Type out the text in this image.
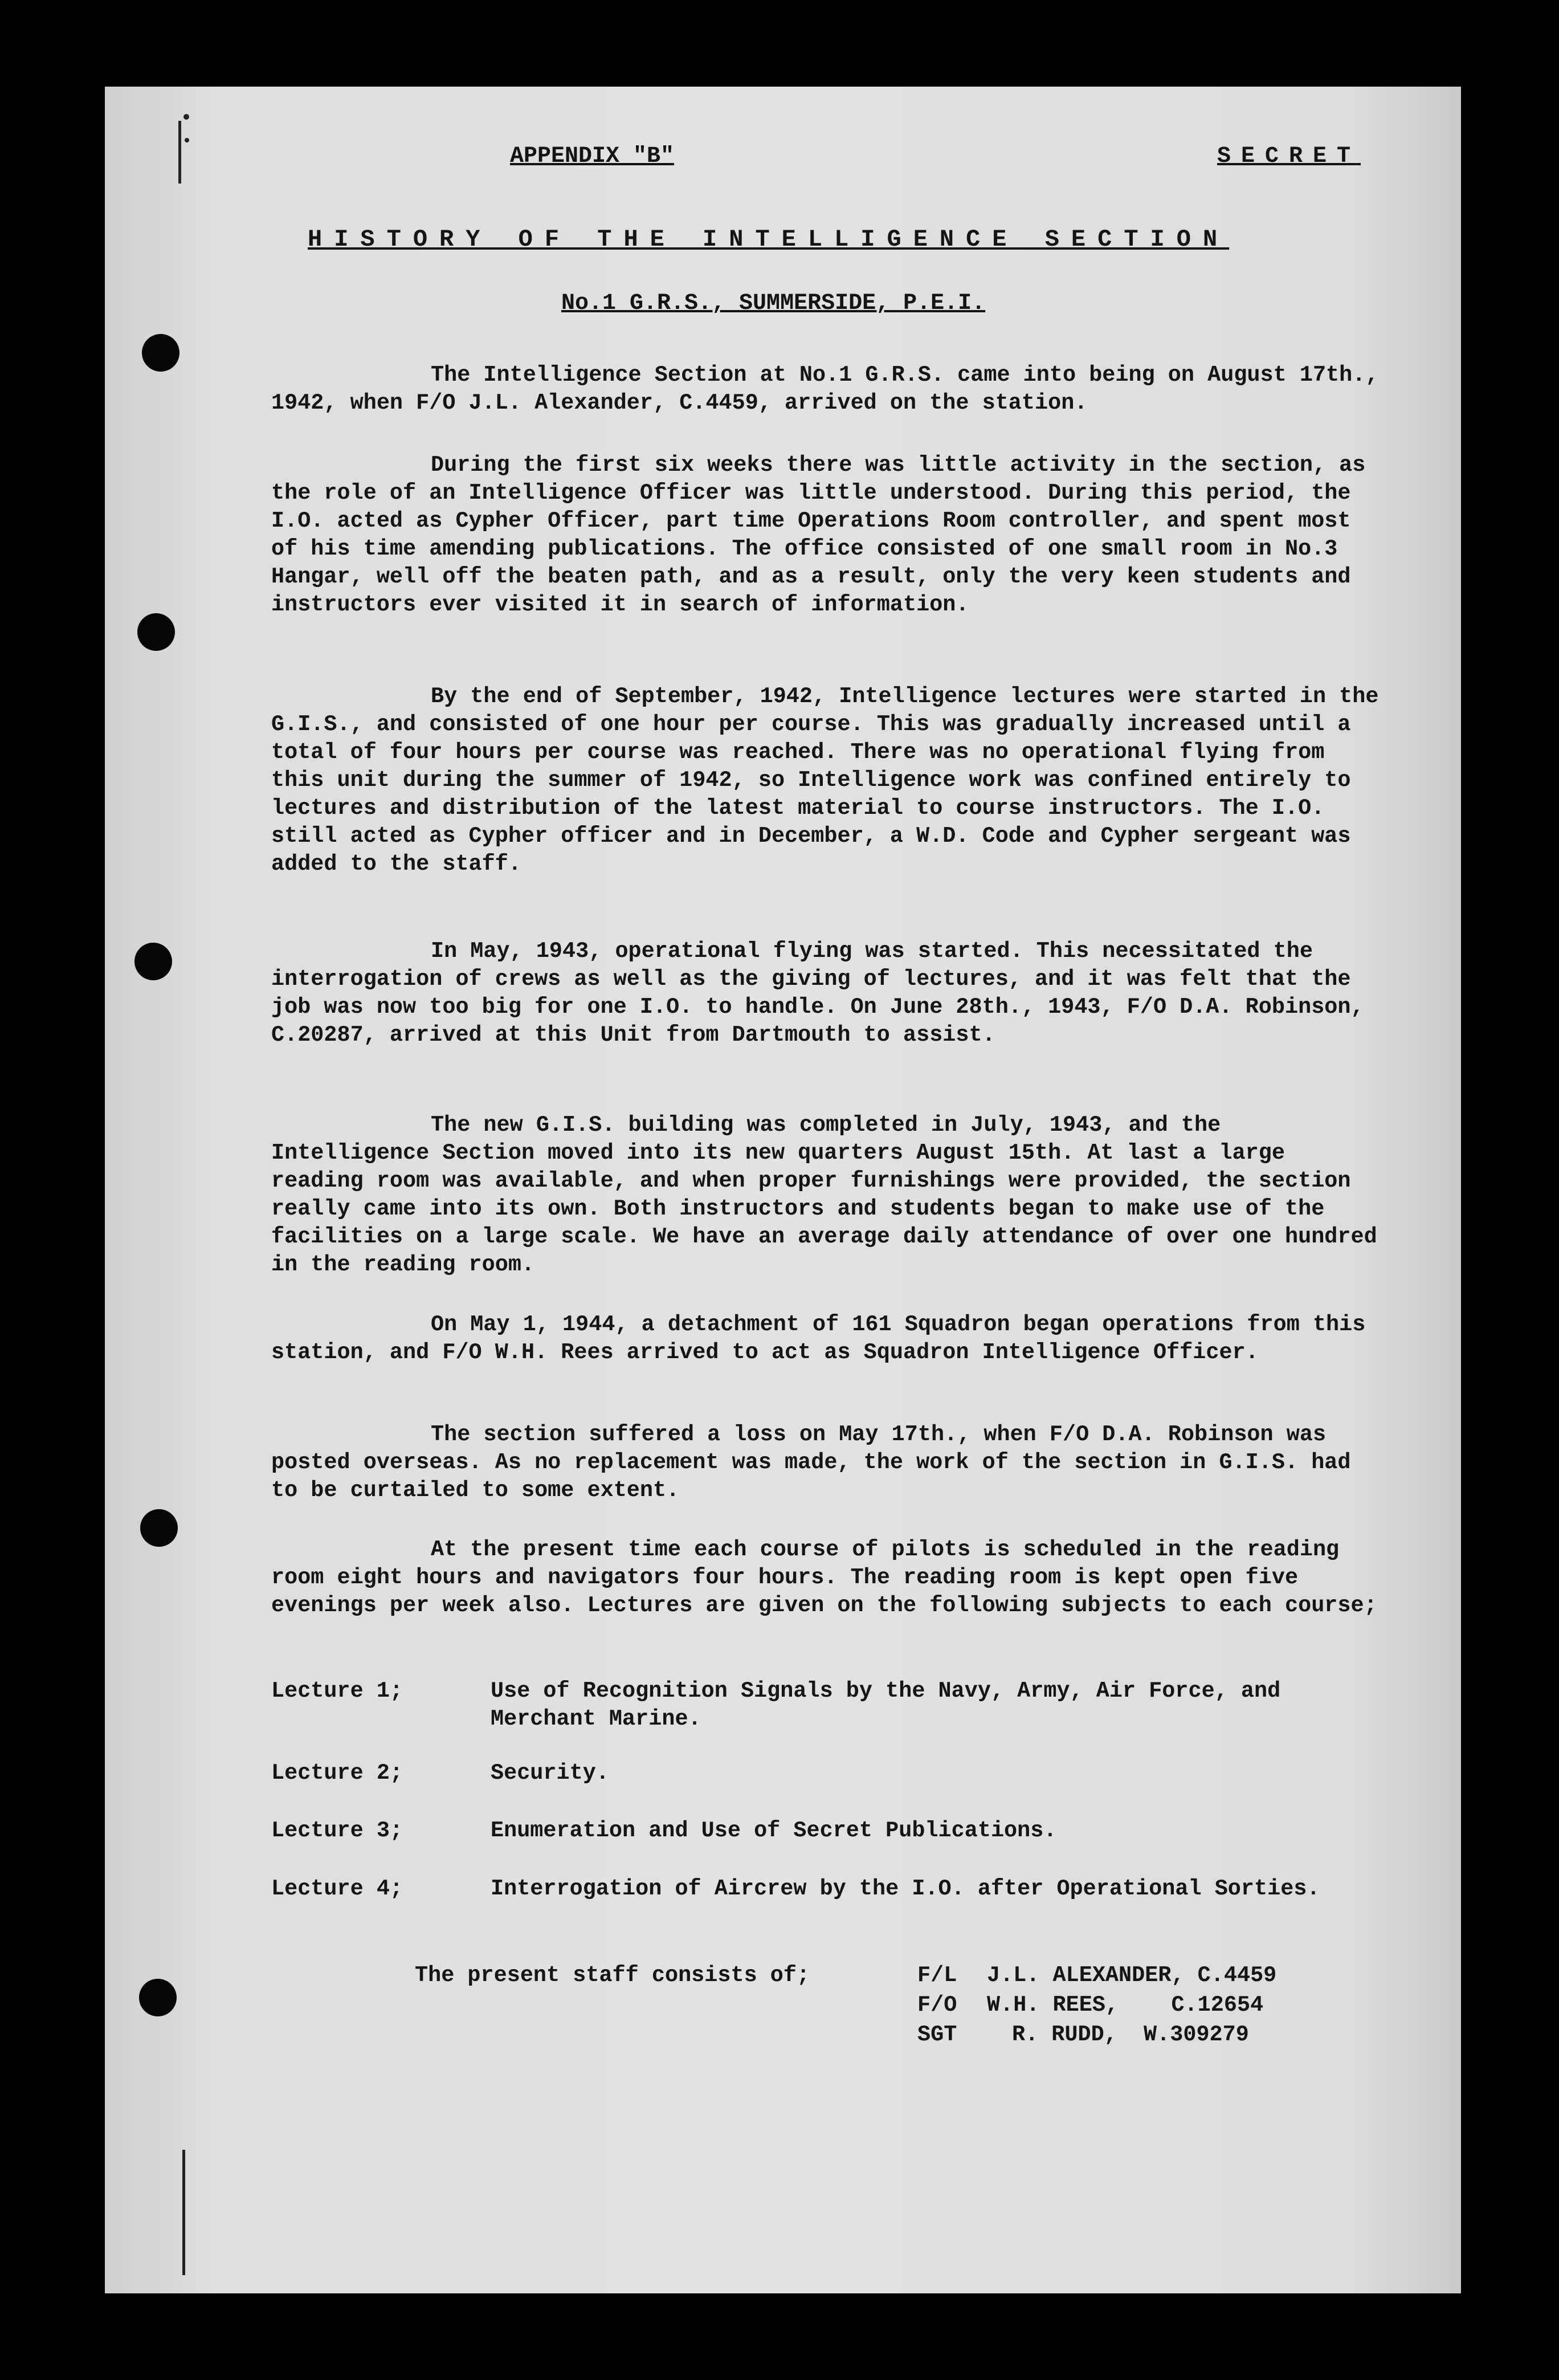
APPENDIX "B"	SECRET
HISTORY OF THE INTELLIGENCE SECTION
No.1 G.R.S., SUMMERSIDE, P.E.I.

The Intelligence Section at No.1 G.R.S. came into being on August 17th., 1942, when F/O J.L. Alexander, C.4459, arrived on the station.

During the first six weeks there was little activity in the section, as the role of an Intelligence Officer was little understood. During this period, the I.O. acted as Cypher Officer, part time Operations Room controller, and spent most of his time amending publications. The office consisted of one small room in No.3 Hangar, well off the beaten path, and as a result, only the very keen students and instructors ever visited it in search of information.

By the end of September, 1942, Intelligence lectures were started in the G.I.S., and consisted of one hour per course. This was gradually increased until a total of four hours per course was reached. There was no operational flying from this unit during the summer of 1942, so Intelligence work was confined entirely to lectures and distribution of the latest material to course instructors. The I.O. still acted as Cypher officer and in December, a W.D. Code and Cypher sergeant was added to the staff.

In May, 1943, operational flying was started. This necessitated the interrogation of crews as well as the giving of lectures, and it was felt that the job was now too big for one I.O. to handle. On June 28th., 1943, F/O D.A. Robinson, C.20287, arrived at this Unit from Dartmouth to assist.

The new G.I.S. building was completed in July, 1943, and the Intelligence Section moved into its new quarters August 15th. At last a large reading room was available, and when proper furnishings were provided, the section really came into its own. Both instructors and students began to make use of the facilities on a large scale. We have an average daily attendance of over one hundred in the reading room.

On May 1, 1944, a detachment of 161 Squadron began operations from this station, and F/O W.H. Rees arrived to act as Squadron Intelligence Officer.

The section suffered a loss on May 17th., when F/O D.A. Robinson was posted overseas. As no replacement was made, the work of the section in G.I.S. had to be curtailed to some extent.

At the present time each course of pilots is scheduled in the reading room eight hours and navigators four hours. The reading room is kept open five evenings per week also. Lectures are given on the following subjects to each course;

Lecture 1;	Use of Recognition Signals by the Navy, Army, Air Force, and Merchant Marine.
Lecture 2;	Security.
Lecture 3;	Enumeration and Use of Secret Publications.
Lecture 4;	Interrogation of Aircrew by the I.O. after Operational Sorties.
The present staff consists of;	F/L J.L. ALEXANDER, C.4459
F/O W.H. REES,    C.12654
SGT	R. RUDD,  W.309279
